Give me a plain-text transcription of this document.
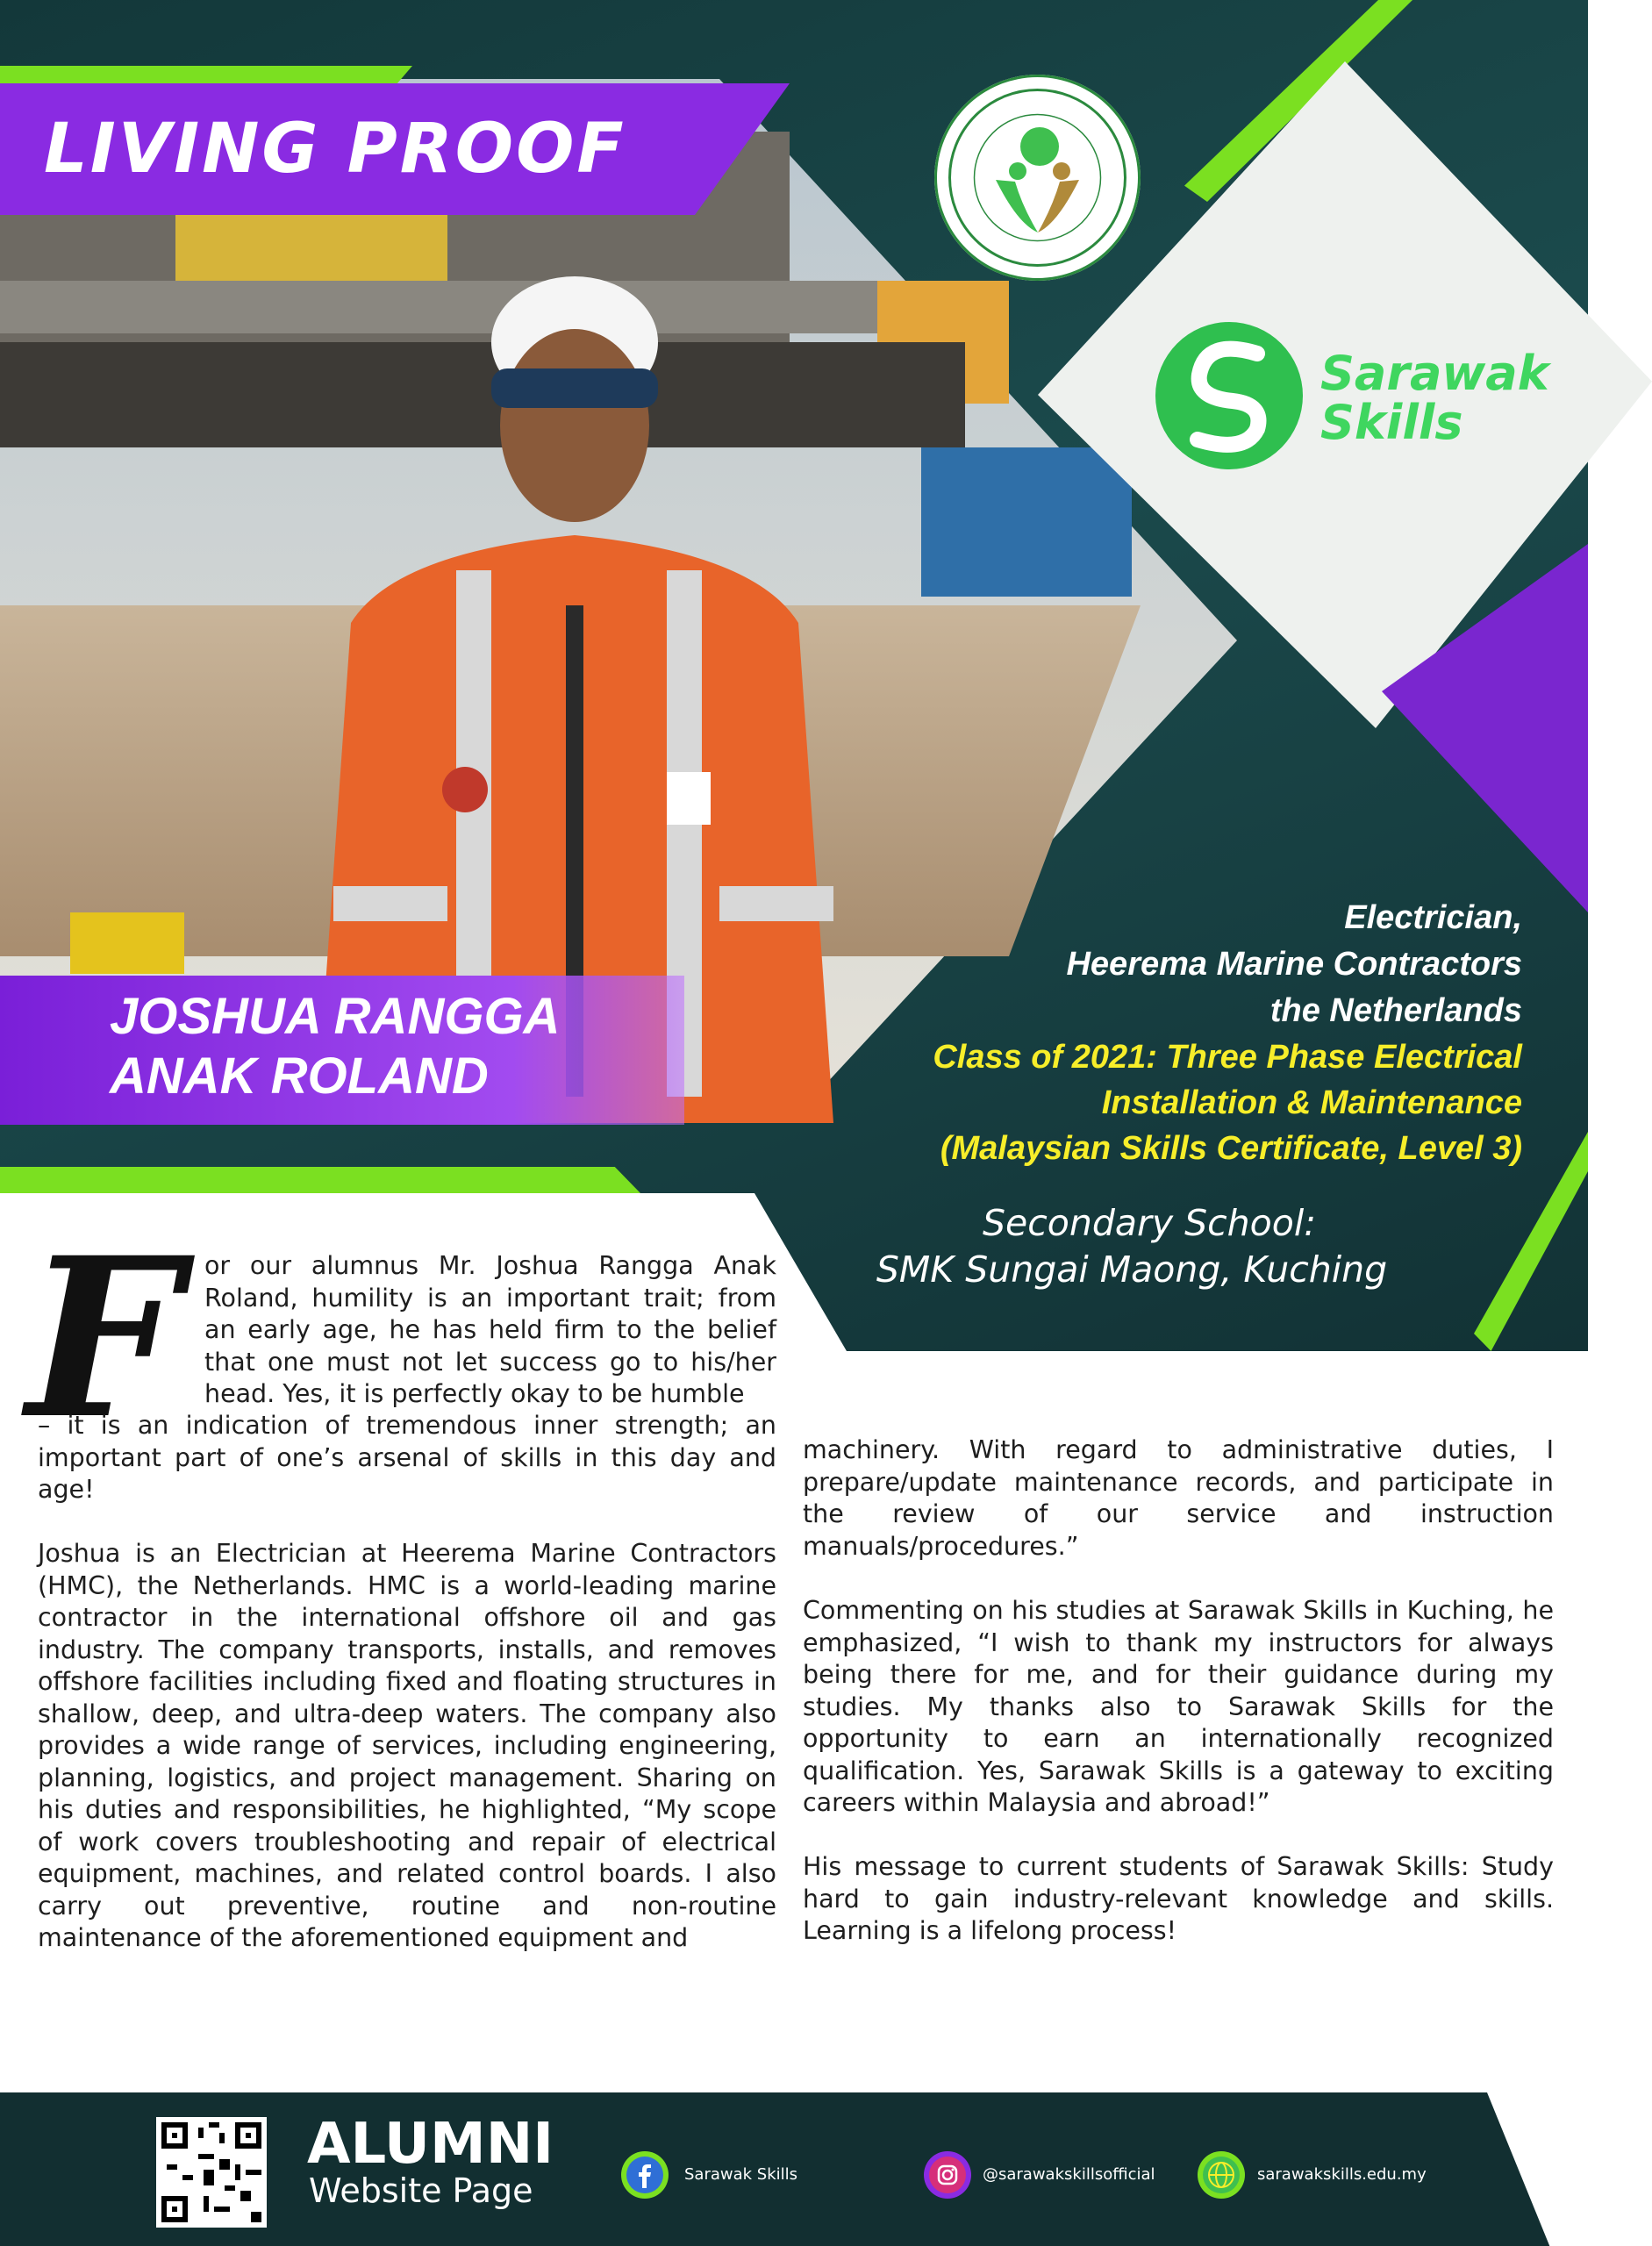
LIVING PROOF
Sarawak
Skills
JOSHUA RANGGA
ANAK ROLAND
Electrician,
Heerema Marine Contractors
the Netherlands
Class of 2021: Three Phase Electrical
Installation & Maintenance
(Malaysian Skills Certificate, Level 3)
Secondary School:
SMK Sungai Maong, Kuching
F or our alumnus Mr. Joshua Rangga Anak Roland, humility is an important trait; from an early age, he has held firm to the belief that one must not let success go to his/her head. Yes, it is perfectly okay to be humble
– it is an indication of tremendous inner strength; an important part of one’s arsenal of skills in this day and age!
Joshua is an Electrician at Heerema Marine Contractors (HMC), the Netherlands. HMC is a world-leading marine contractor in the international offshore oil and gas industry. The company transports, installs, and removes offshore facilities including fixed and floating structures in shallow, deep, and ultra-deep waters. The company also provides a wide range of services, including engineering, planning, logistics, and project management. Sharing on his duties and responsibilities, he highlighted, “My scope of work covers troubleshooting and repair of electrical equipment, machines, and related control boards. I also carry out preventive, routine and non-routine maintenance of the aforementioned equipment and
machinery. With regard to administrative duties, I prepare/update maintenance records, and participate in the review of our service and instruction manuals/procedures.”
Commenting on his studies at Sarawak Skills in Kuching, he emphasized, “I wish to thank my instructors for always being there for me, and for their guidance during my studies. My thanks also to Sarawak Skills for the opportunity to earn an internationally recognized qualification. Yes, Sarawak Skills is a gateway to exciting careers within Malaysia and abroad!”
His message to current students of Sarawak Skills: Study hard to gain industry-relevant knowledge and skills. Learning is a lifelong process!
ALUMNI
Website Page	Sarawak Skills	@sarawakskillsofficial	sarawakskills.edu.my
